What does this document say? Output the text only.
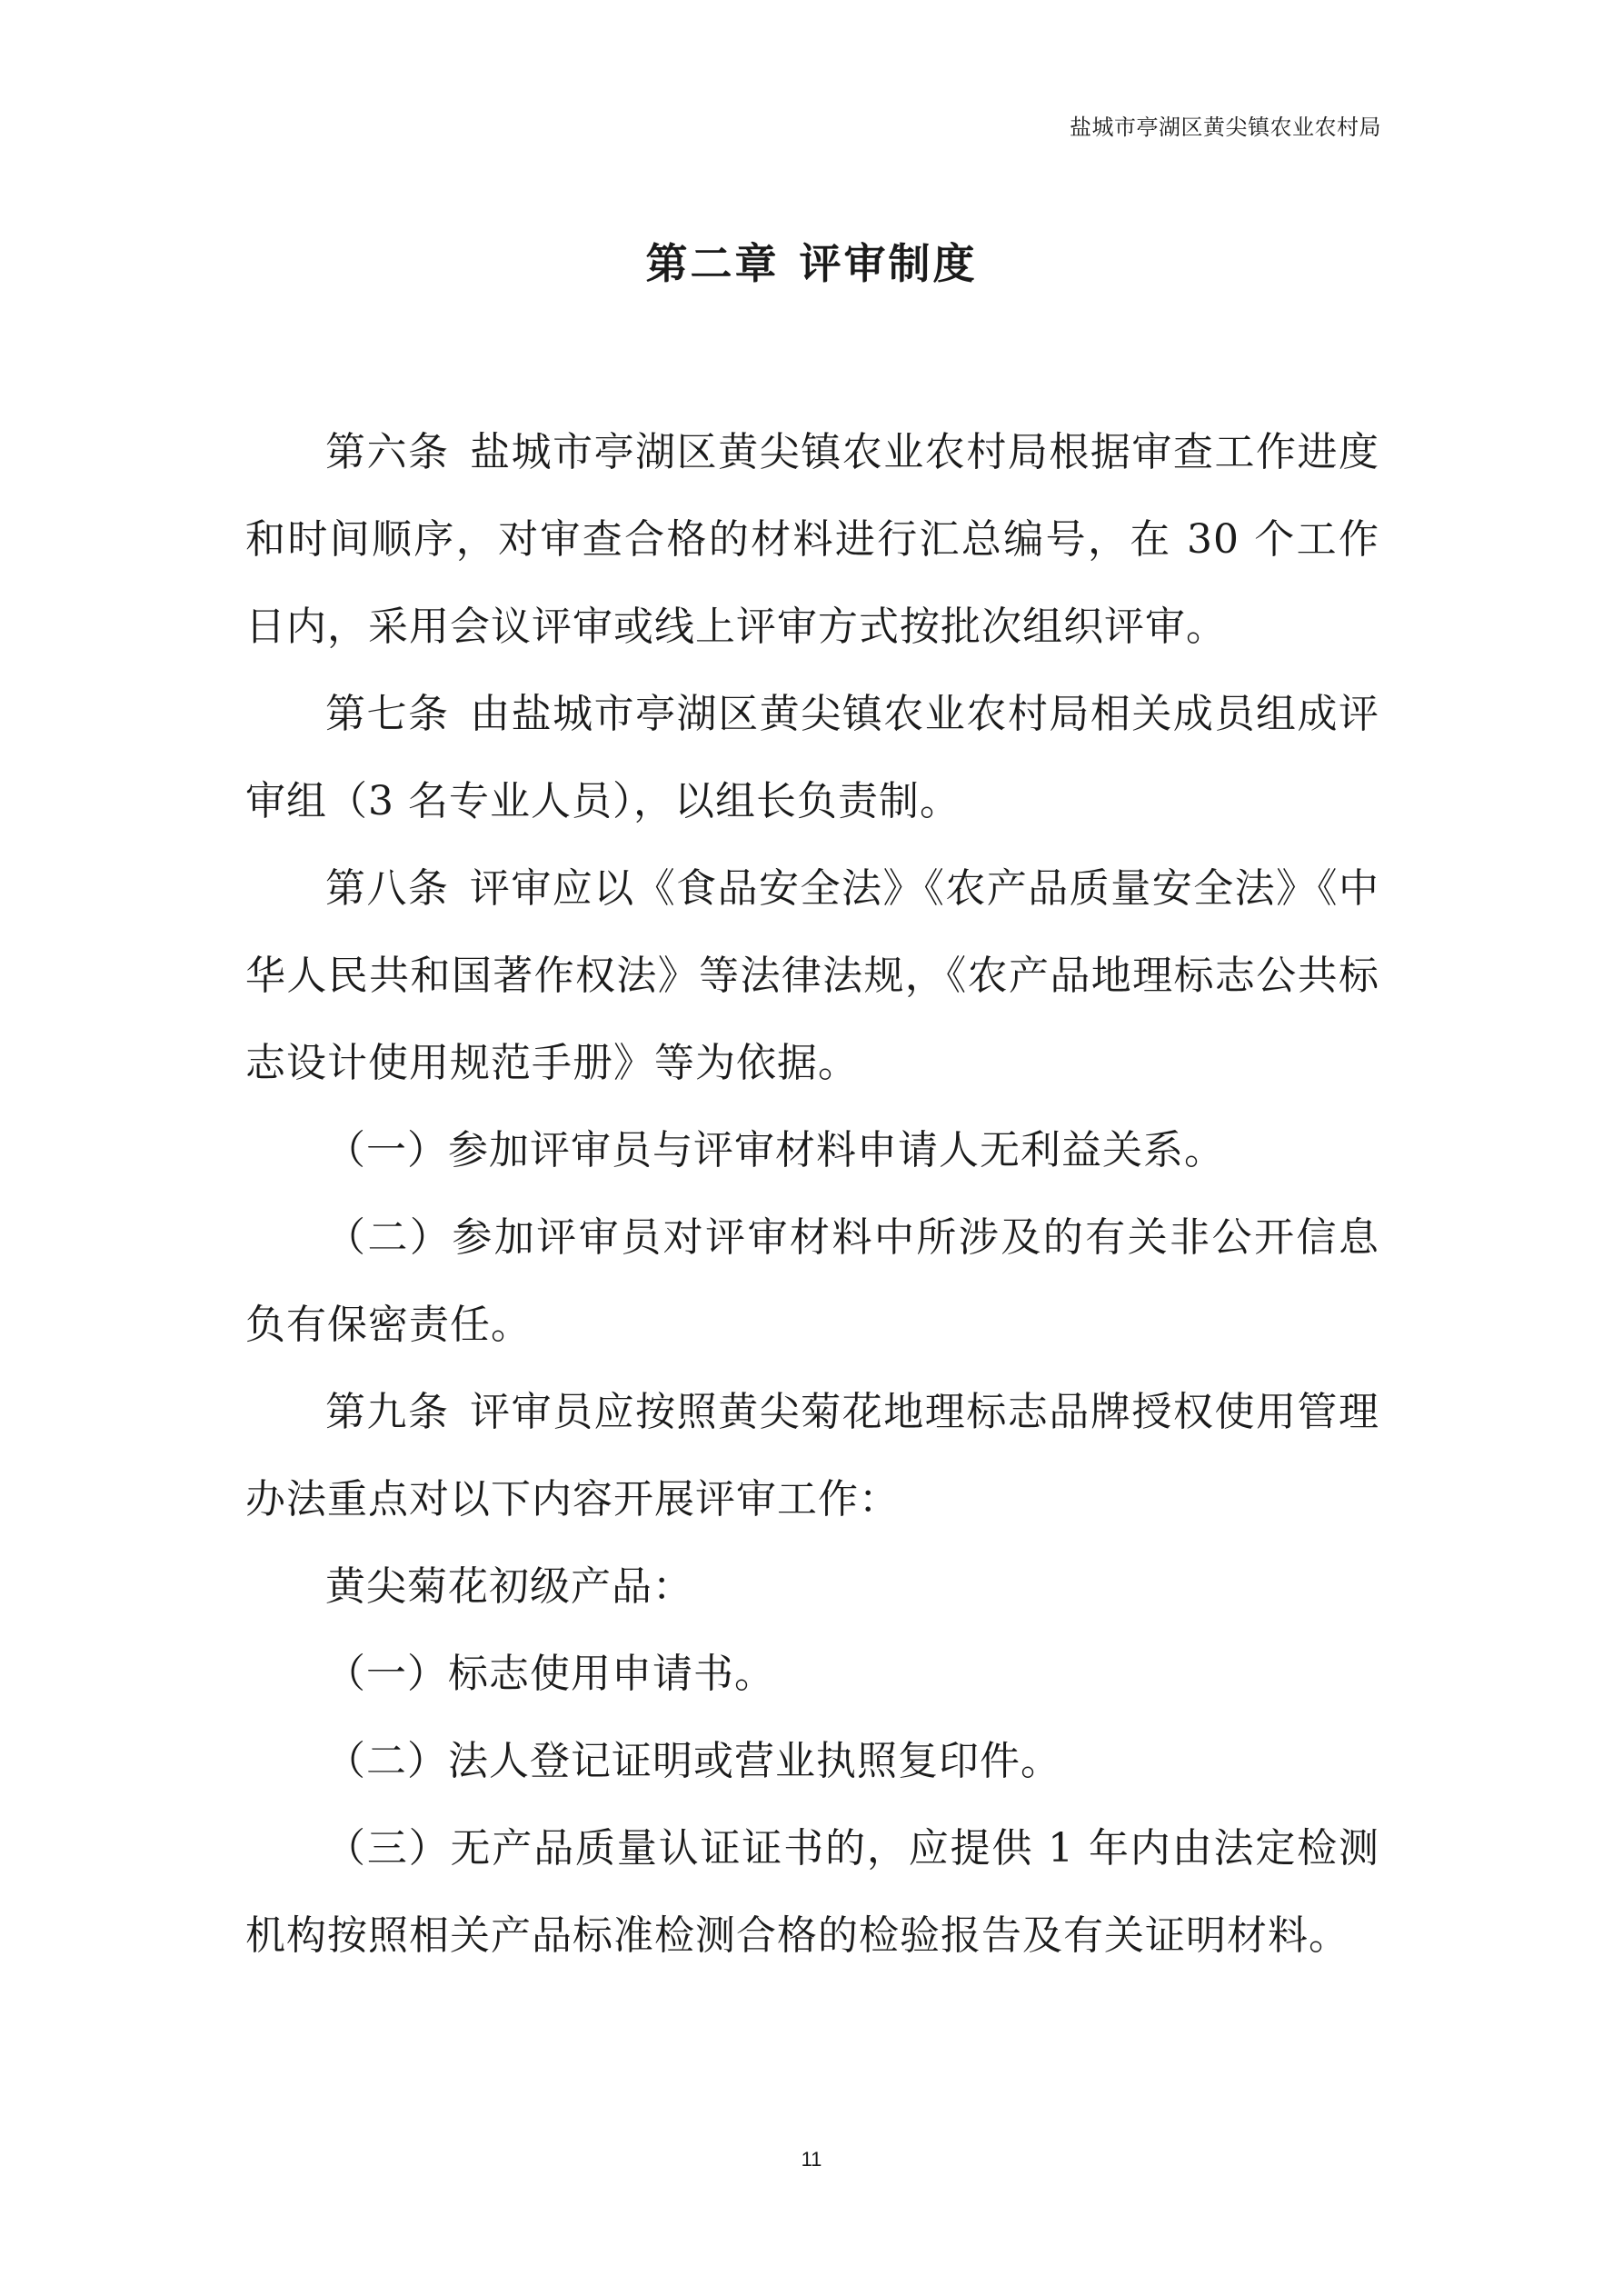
盐城市亭湖区黄尖镇农业农村局
第二章 评审制度

第六条 盐城市亭湖区黄尖镇农业农村局根据审查工作进度和时间顺序，对审查合格的材料进行汇总编号，在 30 个工作日内，采用会议评审或线上评审方式按批次组织评审。

第七条 由盐城市亭湖区黄尖镇农业农村局相关成员组成评审组（3 名专业人员），以组长负责制。

第八条 评审应以《食品安全法》《农产品质量安全法》《中华人民共和国著作权法》等法律法规，《农产品地理标志公共标志设计使用规范手册》等为依据。

（一）参加评审员与评审材料申请人无利益关系。

（二）参加评审员对评审材料中所涉及的有关非公开信息负有保密责任。

第九条 评审员应按照黄尖菊花地理标志品牌授权使用管理办法重点对以下内容开展评审工作：

黄尖菊花初级产品：

（一）标志使用申请书。

（二）法人登记证明或营业执照复印件。

（三）无产品质量认证证书的，应提供 1 年内由法定检测机构按照相关产品标准检测合格的检验报告及有关证明材料。

11
